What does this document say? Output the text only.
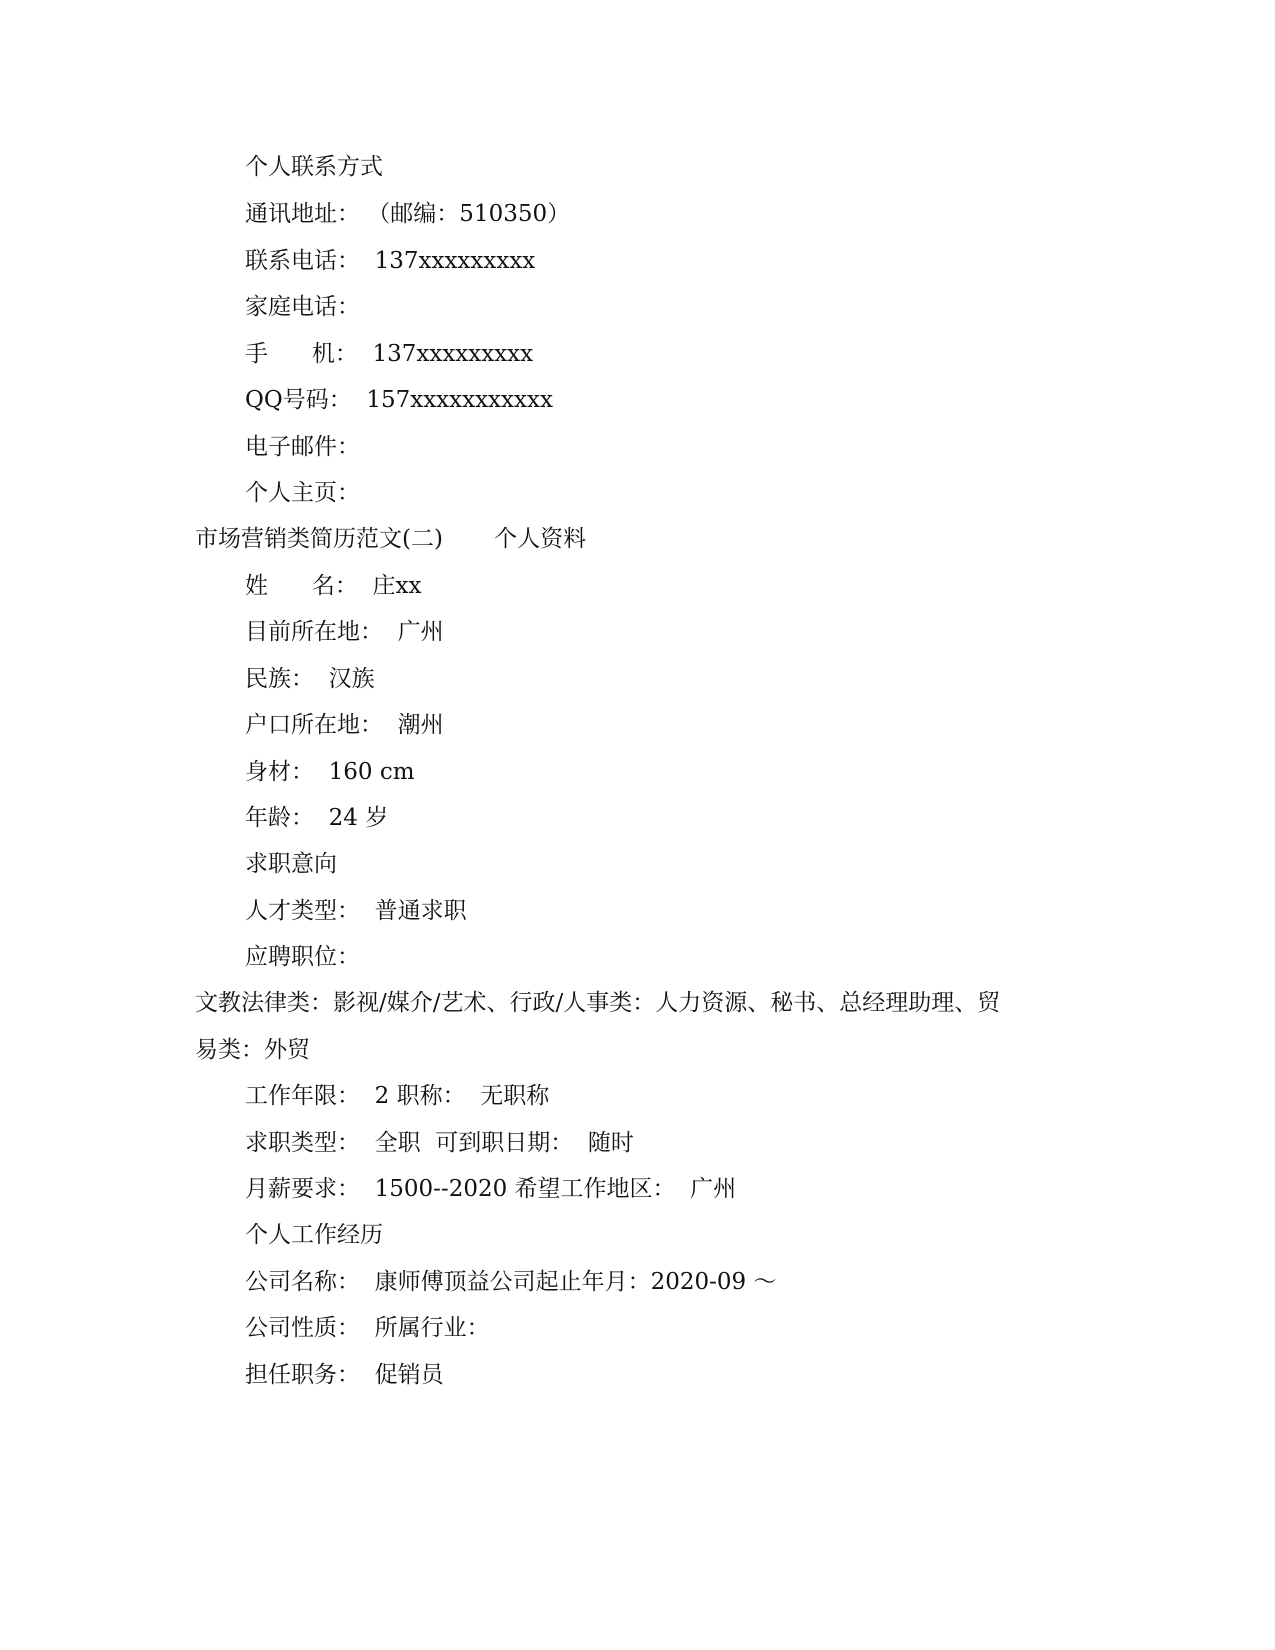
个人联系方式
通讯地址： （邮编：510350）
联系电话：  137xxxxxxxxx
家庭电话：
手      机：  137xxxxxxxxx
QQ号码：  157xxxxxxxxxxx
电子邮件：
个人主页：
市场营销类简历范文(二)       个人资料
姓      名：  庄xx
目前所在地：  广州
民族：  汉族
户口所在地：  潮州
身材：  160 cm
年龄：  24 岁
求职意向
人才类型：  普通求职
应聘职位：
文教法律类：影视/媒介/艺术、行政/人事类：人力资源、秘书、总经理助理、贸
易类：外贸
工作年限：  2 职称：  无职称
求职类型：  全职  可到职日期：  随时
月薪要求：  1500--2020 希望工作地区：  广州
个人工作经历
公司名称：  康师傅顶益公司起止年月：2020-09 ～
公司性质：  所属行业：
担任职务：  促销员
